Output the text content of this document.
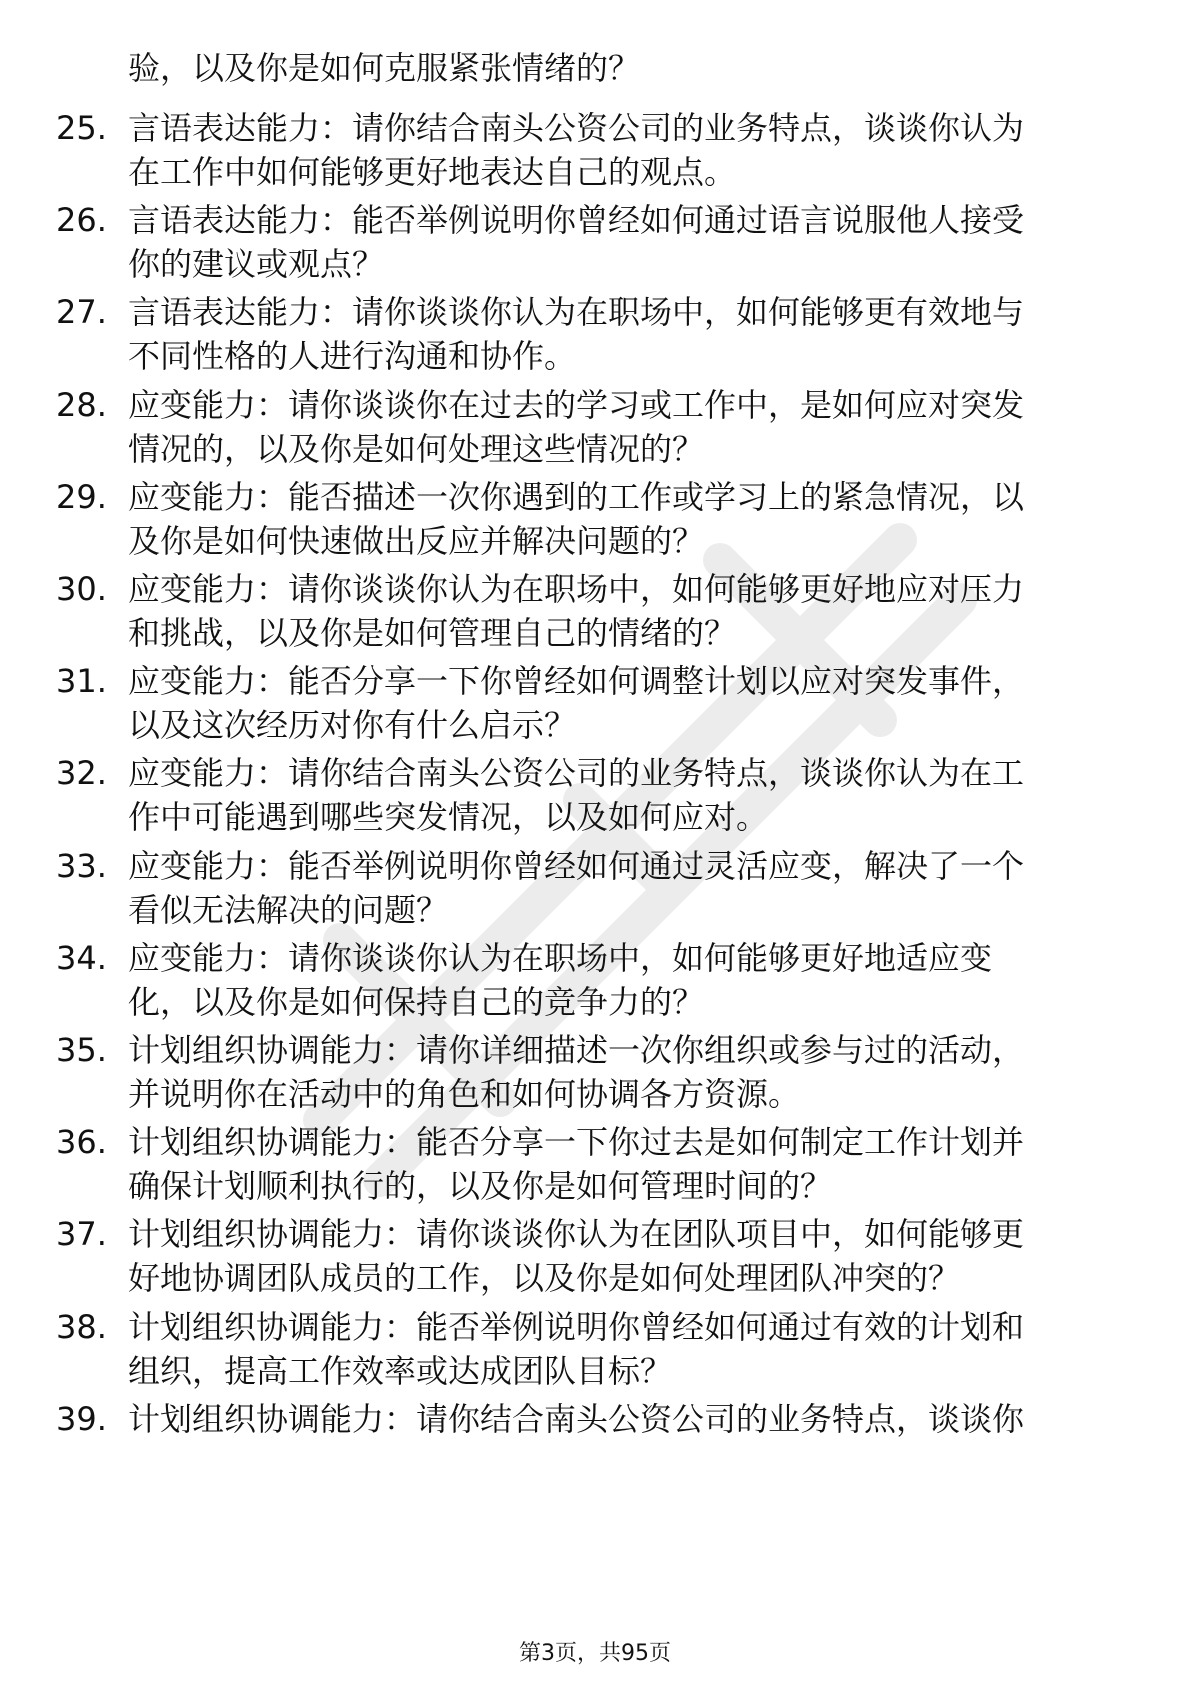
验，以及你是如何克服紧张情绪的？
25. 言语表达能力：请你结合南头公资公司的业务特点，谈谈你认为
在工作中如何能够更好地表达自己的观点。
26. 言语表达能力：能否举例说明你曾经如何通过语言说服他人接受
你的建议或观点？
27. 言语表达能力：请你谈谈你认为在职场中，如何能够更有效地与
不同性格的人进行沟通和协作。
28. 应变能力：请你谈谈你在过去的学习或工作中，是如何应对突发
情况的，以及你是如何处理这些情况的？
29. 应变能力：能否描述一次你遇到的工作或学习上的紧急情况，以
及你是如何快速做出反应并解决问题的？
30. 应变能力：请你谈谈你认为在职场中，如何能够更好地应对压力
和挑战，以及你是如何管理自己的情绪的？
31. 应变能力：能否分享一下你曾经如何调整计划以应对突发事件，
以及这次经历对你有什么启示？
32. 应变能力：请你结合南头公资公司的业务特点，谈谈你认为在工
作中可能遇到哪些突发情况，以及如何应对。
33. 应变能力：能否举例说明你曾经如何通过灵活应变，解决了一个
看似无法解决的问题？
34. 应变能力：请你谈谈你认为在职场中，如何能够更好地适应变
化，以及你是如何保持自己的竞争力的？
35. 计划组织协调能力：请你详细描述一次你组织或参与过的活动，
并说明你在活动中的角色和如何协调各方资源。
36. 计划组织协调能力：能否分享一下你过去是如何制定工作计划并
确保计划顺利执行的，以及你是如何管理时间的？
37. 计划组织协调能力：请你谈谈你认为在团队项目中，如何能够更
好地协调团队成员的工作，以及你是如何处理团队冲突的？
38. 计划组织协调能力：能否举例说明你曾经如何通过有效的计划和
组织，提高工作效率或达成团队目标？
39. 计划组织协调能力：请你结合南头公资公司的业务特点，谈谈你
第3页，共95页
